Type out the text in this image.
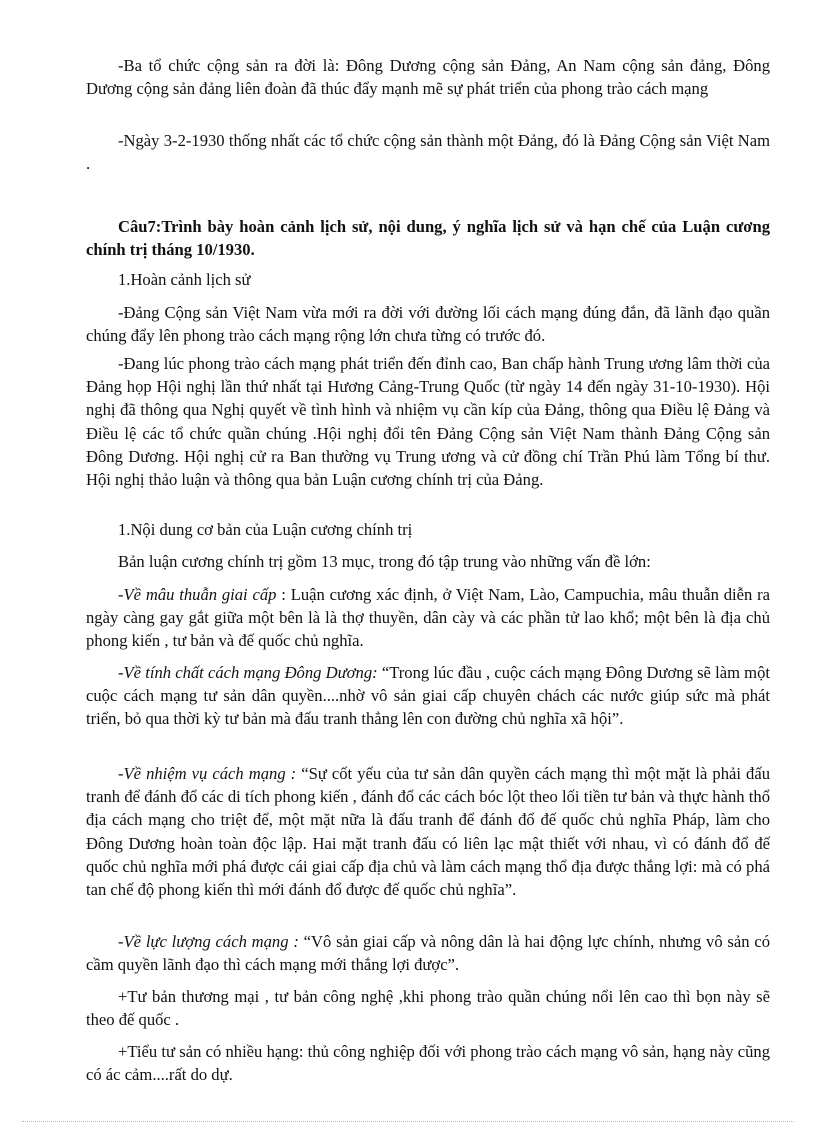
-Ba tổ chức cộng sản ra đời là: Đông Dương cộng sản Đảng, An Nam cộng sản đảng, Đông Dương cộng sản đảng liên đoàn đã thúc đẩy mạnh mẽ sự phát triển của phong trào cách mạng

-Ngày 3-2-1930 thống nhất các tổ chức cộng sản thành một Đảng, đó là Đảng Cộng sản Việt Nam .

Câu7:Trình bày hoàn cảnh lịch sử, nội dung, ý nghĩa lịch sử và hạn chế của Luận cương chính trị tháng 10/1930.

1.Hoàn cảnh lịch sử

-Đảng Cộng sản Việt Nam vừa mới ra đời với đường lối cách mạng đúng đắn, đã lãnh đạo quần chúng đẩy lên phong trào cách mạng rộng lớn chưa từng có trước đó.

-Đang lúc phong trào cách mạng phát triển đến đỉnh cao, Ban chấp hành Trung ương lâm thời của Đảng họp Hội nghị lần thứ nhất tại Hương Cảng-Trung Quốc (từ ngày 14 đến ngày 31-10-1930). Hội nghị đã thông qua Nghị quyết về tình hình và nhiệm vụ cần kíp của Đảng, thông qua Điều lệ Đảng và Điều lệ các tổ chức quần chúng .Hội nghị đổi tên Đảng Cộng sản Việt Nam thành Đảng Cộng sản Đông Dương. Hội nghị cử ra Ban thường vụ Trung ương và cử đồng chí Trần Phú làm Tổng bí thư. Hội nghị thảo luận và thông qua bản Luận cương chính trị của Đảng.

1.Nội dung cơ bản của Luận cương chính trị

Bản luận cương chính trị gồm 13 mục, trong đó tập trung vào những vấn đề lớn:

-Về mâu thuẫn giai cấp : Luận cương xác định, ở Việt Nam, Lào, Campuchia, mâu thuẫn diễn ra ngày càng gay gắt giữa một bên là là thợ thuyền, dân cày và các phần tử lao khổ; một bên là địa chủ phong kiến , tư bản và đế quốc chủ nghĩa.

-Về tính chất cách mạng Đông Dương: “Trong lúc đầu , cuộc cách mạng Đông Dương sẽ làm một cuộc cách mạng tư sản dân quyền....nhờ vô sản giai cấp chuyên chách các nước giúp sức mà phát triển, bỏ qua thời kỳ tư bản mà đấu tranh thẳng lên con đường chủ nghĩa xã hội”.

-Về nhiệm vụ cách mạng : “Sự cốt yếu của tư sản dân quyền cách mạng thì một mặt là phải đấu tranh để đánh đổ các di tích phong kiến , đánh đổ các cách bóc lột theo lối tiền tư bản và thực hành thổ địa cách mạng cho triệt để, một mặt nữa là đấu tranh để đánh đổ đế quốc chủ nghĩa Pháp, làm cho Đông Dương hoàn toàn độc lập. Hai mặt tranh đấu có liên lạc mật thiết với nhau, vì có đánh đổ đế quốc chủ nghĩa mới phá được cái giai cấp địa chủ và làm cách mạng thổ địa được thắng lợi: mà có phá tan chế độ phong kiến thì mới đánh đổ được đế quốc chủ nghĩa”.

-Về lực lượng cách mạng : “Vô sản giai cấp và nông dân là hai động lực chính, nhưng vô sản có cầm quyền lãnh đạo thì cách mạng mới thắng lợi được”.

+Tư bản thương mại , tư bản công nghệ ,khi phong trào quần chúng nổi lên cao thì bọn này sẽ theo đế quốc .

+Tiểu tư sản có nhiều hạng: thủ công nghiệp đối với phong trào cách mạng vô sản, hạng này cũng có ác cảm....rất do dự.
